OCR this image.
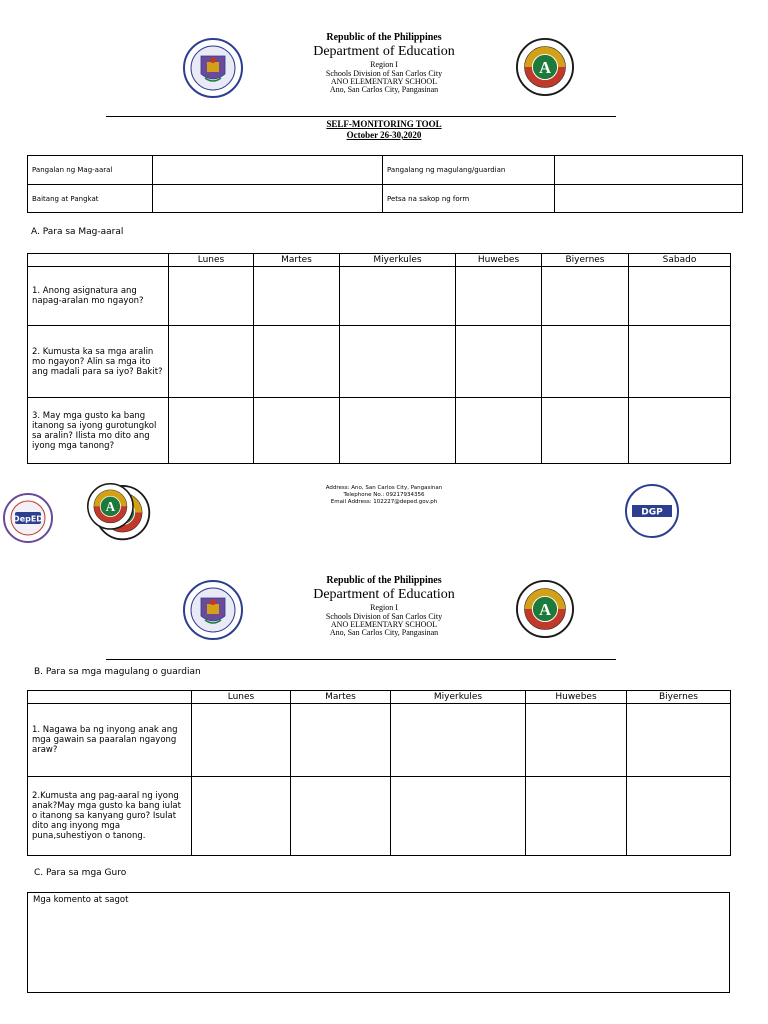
Republic of the Philippines
Department of Education
Region I
Schools Division of San Carlos City
ANO ELEMENTARY SCHOOL
Ano, San Carlos City, Pangasinan
SELF-MONITORING TOOL
October 26-30,2020
Pangalan ng Mag-aaral		Pangalang ng magulang/guardian	
Baitang at Pangkat		Petsa na sakop ng form	
A. Para sa Mag-aaral
	Lunes	Martes	Miyerkules	Huwebes	Biyernes	Sabado
1. Anong asignatura ang napag-aralan mo ngayon?						
2. Kumusta ka sa mga aralin mo ngayon? Alin sa mga ito ang madali para sa iyo? Bakit?						
3. May mga gusto ka bang itanong sa iyong gurotungkol sa aralin? Ilista mo dito ang iyong mga tanong?						
DepED
Address: Ano, San Carlos City, Pangasinan
Telephone No.: 09217934356
Email Address: 102227@deped.gov.ph
DGP
Republic of the Philippines
Department of Education
Region I
Schools Division of San Carlos City
ANO ELEMENTARY SCHOOL
Ano, San Carlos City, Pangasinan
B. Para sa mga magulang o guardian
	Lunes	Martes	Miyerkules	Huwebes	Biyernes
1. Nagawa ba ng inyong anak ang mga gawain sa paaralan ngayong araw?					
2.Kumusta ang pag-aaral ng iyong anak?May mga gusto ka bang iulat o itanong sa kanyang guro? Isulat dito ang inyong mga puna,suhestiyon o tanong.					
C. Para sa mga Guro
Mga komento at sagot
